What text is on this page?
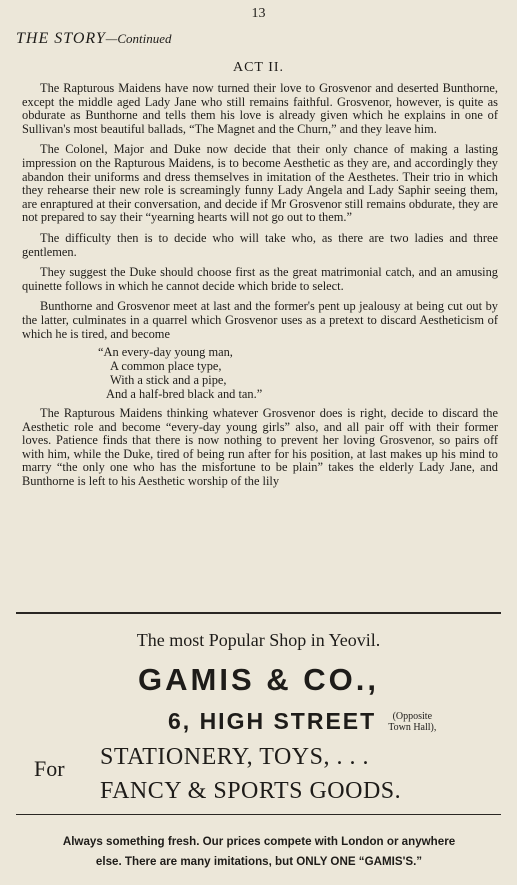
13
THE STORY—Continued
ACT II.

The Rapturous Maidens have now turned their love to Grosvenor and deserted Bunthorne, except the middle aged Lady Jane who still remains faithful. Grosvenor, however, is quite as obdurate as Bunthorne and tells them his love is already given which he explains in one of Sullivan's most beautiful ballads, “The Magnet and the Churn,” and they leave him.

The Colonel, Major and Duke now decide that their only chance of making a lasting impression on the Rapturous Maidens, is to become Aesthetic as they are, and accordingly they abandon their uniforms and dress themselves in imitation of the Aesthetes. Their trio in which they rehearse their new role is screamingly funny Lady Angela and Lady Saphir seeing them, are enraptured at their conversation, and decide if Mr Grosvenor still remains obdurate, they are not prepared to say their “yearning hearts will not go out to them.”

The difficulty then is to decide who will take who, as there are two ladies and three gentlemen.

They suggest the Duke should choose first as the great matrimonial catch, and an amusing quinette follows in which he cannot decide which bride to select.

Bunthorne and Grosvenor meet at last and the former's pent up jealousy at being cut out by the latter, culminates in a quarrel which Grosvenor uses as a pretext to discard Aestheticism of which he is tired, and become

“An every-day young man,
A common place type,
With a stick and a pipe,
And a half-bred black and tan.”

The Rapturous Maidens thinking whatever Grosvenor does is right, decide to discard the Aesthetic role and become “every-day young girls” also, and all pair off with their former loves. Patience finds that there is now nothing to prevent her loving Grosvenor, so pairs off with him, while the Duke, tired of being run after for his position, at last makes up his mind to marry “the only one who has the misfortune to be plain” takes the elderly Lady Jane, and Bunthorne is left to his Aesthetic worship of the lily

The most Popular Shop in Yeovil.
GAMIS & CO.,
6, HIGH STREET	(Opposite
Town Hall),
For STATIONERY, TOYS, . . .
FANCY & SPORTS GOODS.
Always something fresh. Our prices compete with London or anywhere
else. There are many imitations, but ONLY ONE “GAMIS'S.”
